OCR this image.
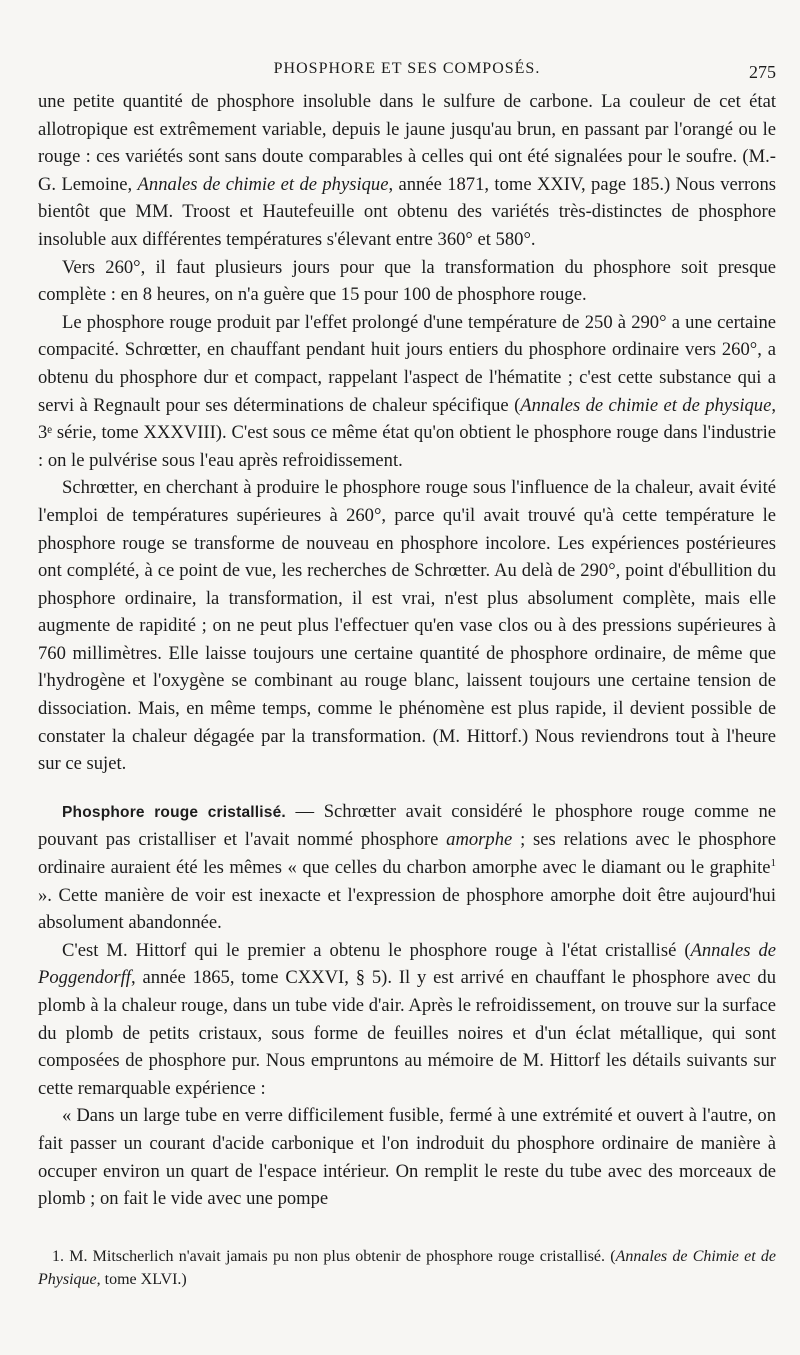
PHOSPHORE ET SES COMPOSÉS.	275

une petite quantité de phosphore insoluble dans le sulfure de carbone. La couleur de cet état allotropique est extrêmement variable, depuis le jaune jusqu'au brun, en passant par l'orangé ou le rouge : ces variétés sont sans doute comparables à celles qui ont été signalées pour le soufre. (M.-G. Lemoine, Annales de chimie et de physique, année 1871, tome XXIV, page 185.) Nous verrons bientôt que MM. Troost et Hautefeuille ont obtenu des variétés très-distinctes de phosphore insoluble aux différentes températures s'élevant entre 360° et 580°.

Vers 260°, il faut plusieurs jours pour que la transformation du phosphore soit presque complète : en 8 heures, on n'a guère que 15 pour 100 de phosphore rouge.

Le phosphore rouge produit par l'effet prolongé d'une température de 250 à 290° a une certaine compacité. Schrœtter, en chauffant pendant huit jours entiers du phosphore ordinaire vers 260°, a obtenu du phosphore dur et compact, rappelant l'aspect de l'hématite ; c'est cette substance qui a servi à Regnault pour ses déterminations de chaleur spécifique (Annales de chimie et de physique, 3ᵉ série, tome XXXVIII). C'est sous ce même état qu'on obtient le phosphore rouge dans l'industrie : on le pulvérise sous l'eau après refroidissement.

Schrœtter, en cherchant à produire le phosphore rouge sous l'influence de la chaleur, avait évité l'emploi de températures supérieures à 260°, parce qu'il avait trouvé qu'à cette température le phosphore rouge se transforme de nouveau en phosphore incolore. Les expériences postérieures ont complété, à ce point de vue, les recherches de Schrœtter. Au delà de 290°, point d'ébullition du phosphore ordinaire, la transformation, il est vrai, n'est plus absolument complète, mais elle augmente de rapidité ; on ne peut plus l'effectuer qu'en vase clos ou à des pressions supérieures à 760 millimètres. Elle laisse toujours une certaine quantité de phosphore ordinaire, de même que l'hydrogène et l'oxygène se combinant au rouge blanc, laissent toujours une certaine tension de dissociation. Mais, en même temps, comme le phénomène est plus rapide, il devient possible de constater la chaleur dégagée par la transformation. (M. Hittorf.) Nous reviendrons tout à l'heure sur ce sujet.

Phosphore rouge cristallisé. — Schrœtter avait considéré le phosphore rouge comme ne pouvant pas cristalliser et l'avait nommé phosphore amorphe ; ses relations avec le phosphore ordinaire auraient été les mêmes « que celles du charbon amorphe avec le diamant ou le graphite$^1$ ». Cette manière de voir est inexacte et l'expression de phosphore amorphe doit être aujourd'hui absolument abandonnée.

C'est M. Hittorf qui le premier a obtenu le phosphore rouge à l'état cristallisé (Annales de Poggendorff, année 1865, tome CXXVI, § 5). Il y est arrivé en chauffant le phosphore avec du plomb à la chaleur rouge, dans un tube vide d'air. Après le refroidissement, on trouve sur la surface du plomb de petits cristaux, sous forme de feuilles noires et d'un éclat métallique, qui sont composées de phosphore pur. Nous empruntons au mémoire de M. Hittorf les détails suivants sur cette remarquable expérience :

« Dans un large tube en verre difficilement fusible, fermé à une extrémité et ouvert à l'autre, on fait passer un courant d'acide carbonique et l'on indroduit du phosphore ordinaire de manière à occuper environ un quart de l'espace intérieur. On remplit le reste du tube avec des morceaux de plomb ; on fait le vide avec une pompe

1. M. Mitscherlich n'avait jamais pu non plus obtenir de phosphore rouge cristallisé. (Annales de Chimie et de Physique, tome XLVI.)
